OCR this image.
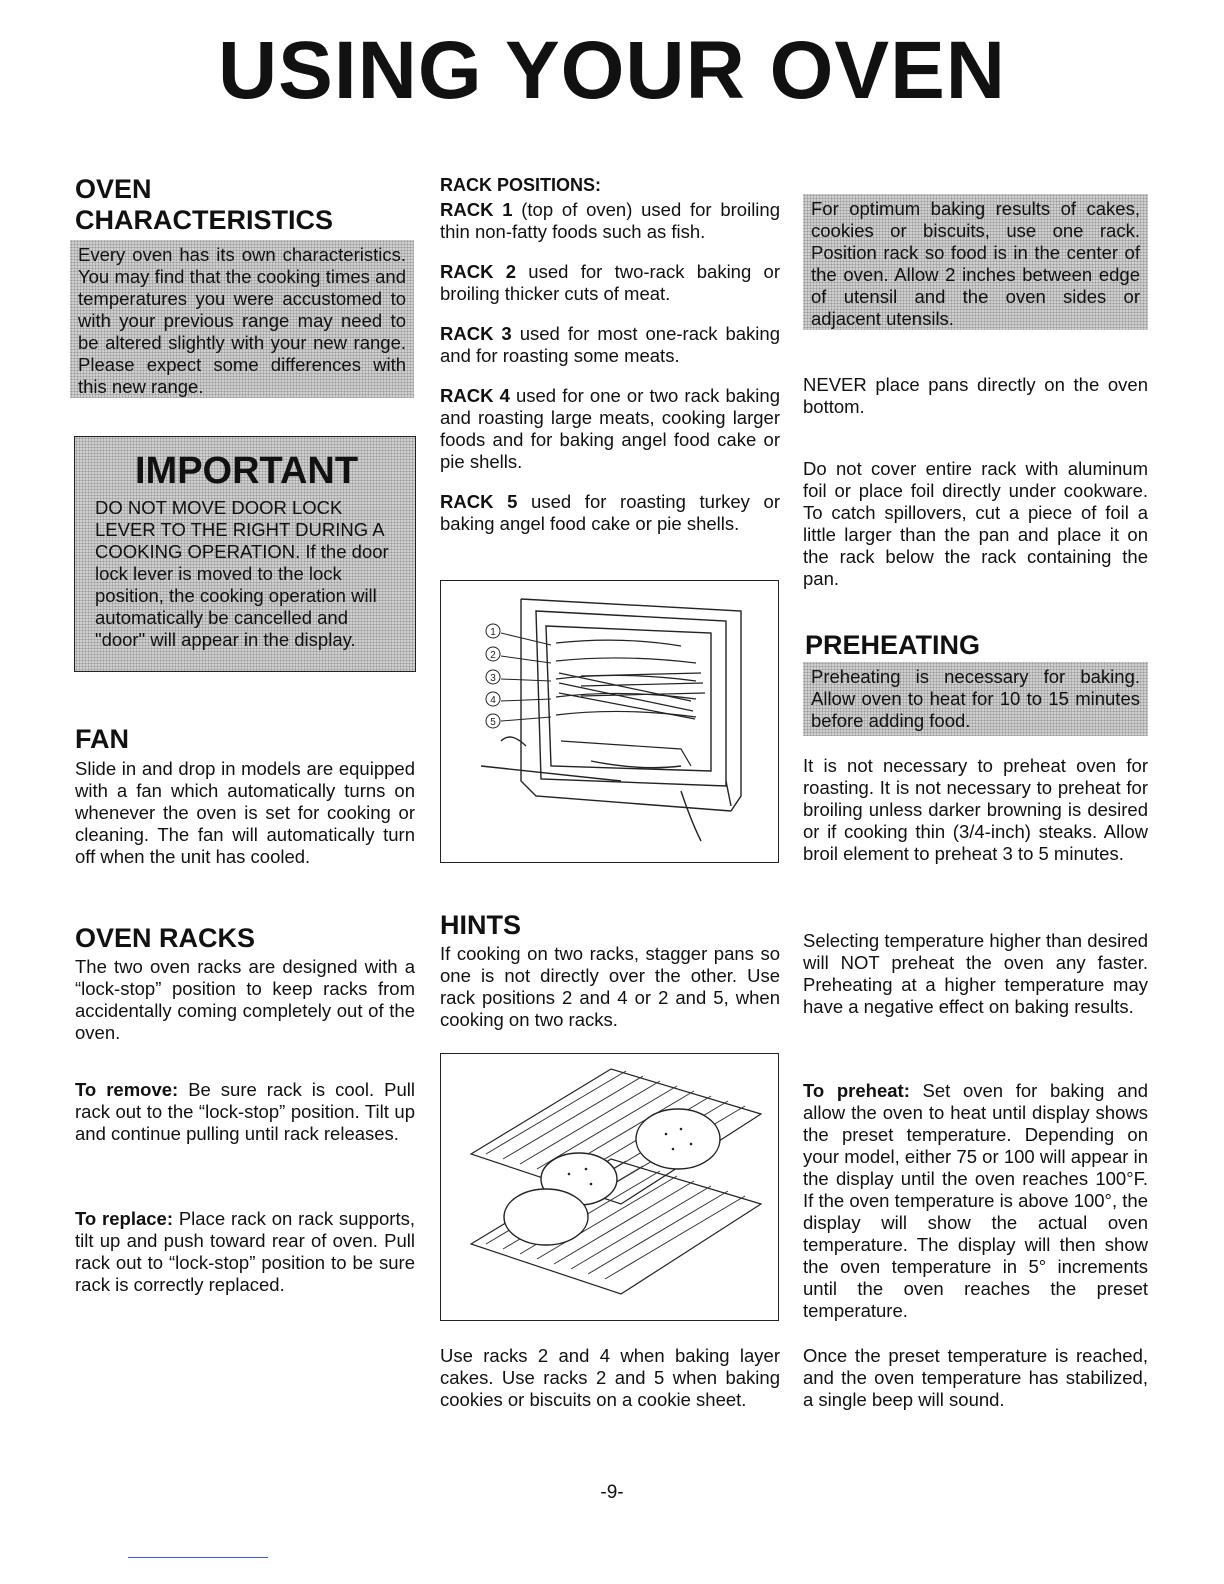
USING YOUR OVEN
OVEN
CHARACTERISTICS

Every oven has its own characteristics. You may find that the cooking times and temperatures you were accustomed to with your previous range may need to be altered slightly with your new range. Please expect some differences with this new range.

IMPORTANT

DO NOT MOVE DOOR LOCK LEVER TO THE RIGHT DURING A COOKING OPERATION. If the door lock lever is moved to the lock position, the cooking operation will automatically be cancelled and "door" will appear in the display.

FAN

Slide in and drop in models are equipped with a fan which automatically turns on whenever the oven is set for cooking or cleaning. The fan will automatically turn off when the unit has cooled.

OVEN RACKS

The two oven racks are designed with a “lock-stop” position to keep racks from accidentally coming completely out of the oven.

To remove: Be sure rack is cool. Pull rack out to the “lock-stop” position. Tilt up and continue pulling until rack releases.

To replace: Place rack on rack supports, tilt up and push toward rear of oven. Pull rack out to “lock-stop” position to be sure rack is correctly replaced.

RACK POSITIONS:

RACK 1 (top of oven) used for broiling thin non-fatty foods such as fish.

RACK 2 used for two-rack baking or broiling thicker cuts of meat.

RACK 3 used for most one-rack baking and for roasting some meats.

RACK 4 used for one or two rack baking and roasting large meats, cooking larger foods and for baking angel food cake or pie shells.

RACK 5 used for roasting turkey or baking angel food cake or pie shells.

1
2
3
4
5
HINTS

If cooking on two racks, stagger pans so one is not directly over the other. Use rack positions 2 and 4 or 2 and 5, when cooking on two racks.

Use racks 2 and 4 when baking layer cakes. Use racks 2 and 5 when baking cookies or biscuits on a cookie sheet.

For optimum baking results of cakes, cookies or biscuits, use one rack. Position rack so food is in the center of the oven. Allow 2 inches between edge of utensil and the oven sides or adjacent utensils.

NEVER place pans directly on the oven bottom.

Do not cover entire rack with aluminum foil or place foil directly under cookware. To catch spillovers, cut a piece of foil a little larger than the pan and place it on the rack below the rack containing the pan.

PREHEATING

Preheating is necessary for baking. Allow oven to heat for 10 to 15 minutes before adding food.

It is not necessary to preheat oven for roasting. It is not necessary to preheat for broiling unless darker browning is desired or if cooking thin (3/4-inch) steaks. Allow broil element to preheat 3 to 5 minutes.

Selecting temperature higher than desired will NOT preheat the oven any faster. Preheating at a higher temperature may have a negative effect on baking results.

To preheat: Set oven for baking and allow the oven to heat until display shows the preset temperature. Depending on your model, either 75 or 100 will appear in the display until the oven reaches 100°F. If the oven temperature is above 100°, the display will show the actual oven temperature. The display will then show the oven temperature in 5° increments until the oven reaches the preset temperature.

Once the preset temperature is reached, and the oven temperature has stabilized, a single beep will sound.

-9-
